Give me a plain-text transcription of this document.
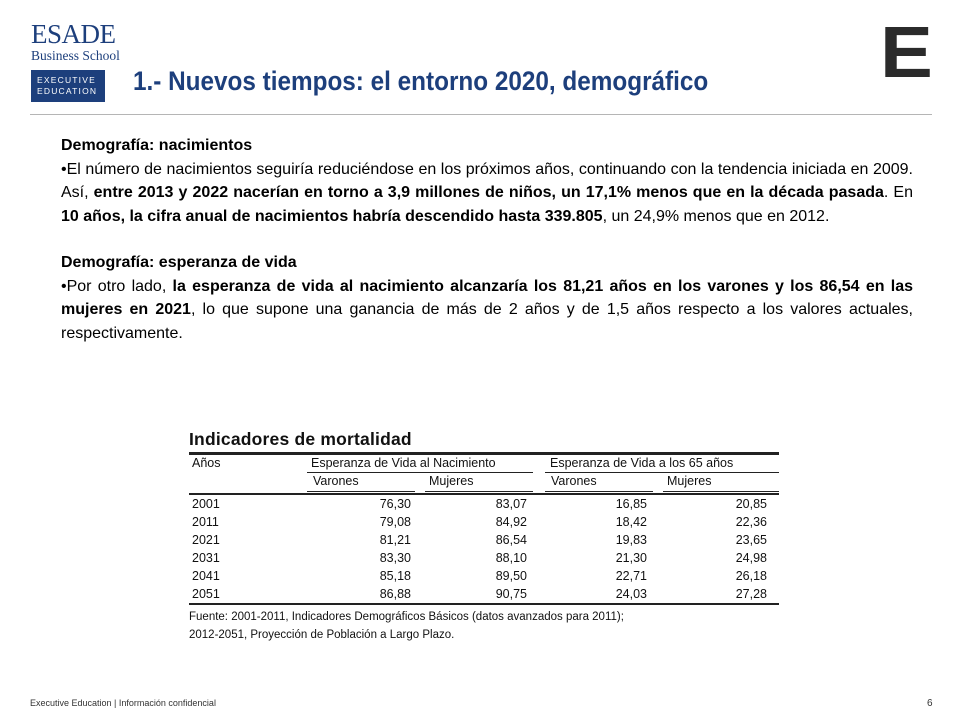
ESADE
Business School
EXECUTIVE
EDUCATION	E
1.- Nuevos tiempos: el entorno 2020, demográfico

Demografía: nacimientos

•El número de nacimientos seguiría reduciéndose en los próximos años, continuando con la tendencia iniciada en 2009. Así, entre 2013 y 2022 nacerían en torno a 3,9 millones de niños, un 17,1% menos que en la década pasada. En 10 años, la cifra anual de nacimientos habría descendido hasta 339.805, un 24,9% menos que en 2012.

Demografía: esperanza de vida

•Por otro lado, la esperanza de vida al nacimiento alcanzaría los 81,21 años en los varones y los 86,54 en las mujeres en 2021, lo que supone una ganancia de más de 2 años y de 1,5 años respecto a los valores actuales, respectivamente.

Indicadores de mortalidad
Años	Esperanza de Vida al Nacimiento	Esperanza de Vida a los 65 años
Varones	Mujeres	Varones	Mujeres
2001	76,30	83,07	16,85	20,85
2011	79,08	84,92	18,42	22,36
2021	81,21	86,54	19,83	23,65
2031	83,30	88,10	21,30	24,98
2041	85,18	89,50	22,71	26,18
2051	86,88	90,75	24,03	27,28
Fuente: 2001-2011, Indicadores Demográficos Básicos (datos avanzados para 2011);
2012-2051, Proyección de Población a Largo Plazo.
Executive Education | Información confidencial	6
